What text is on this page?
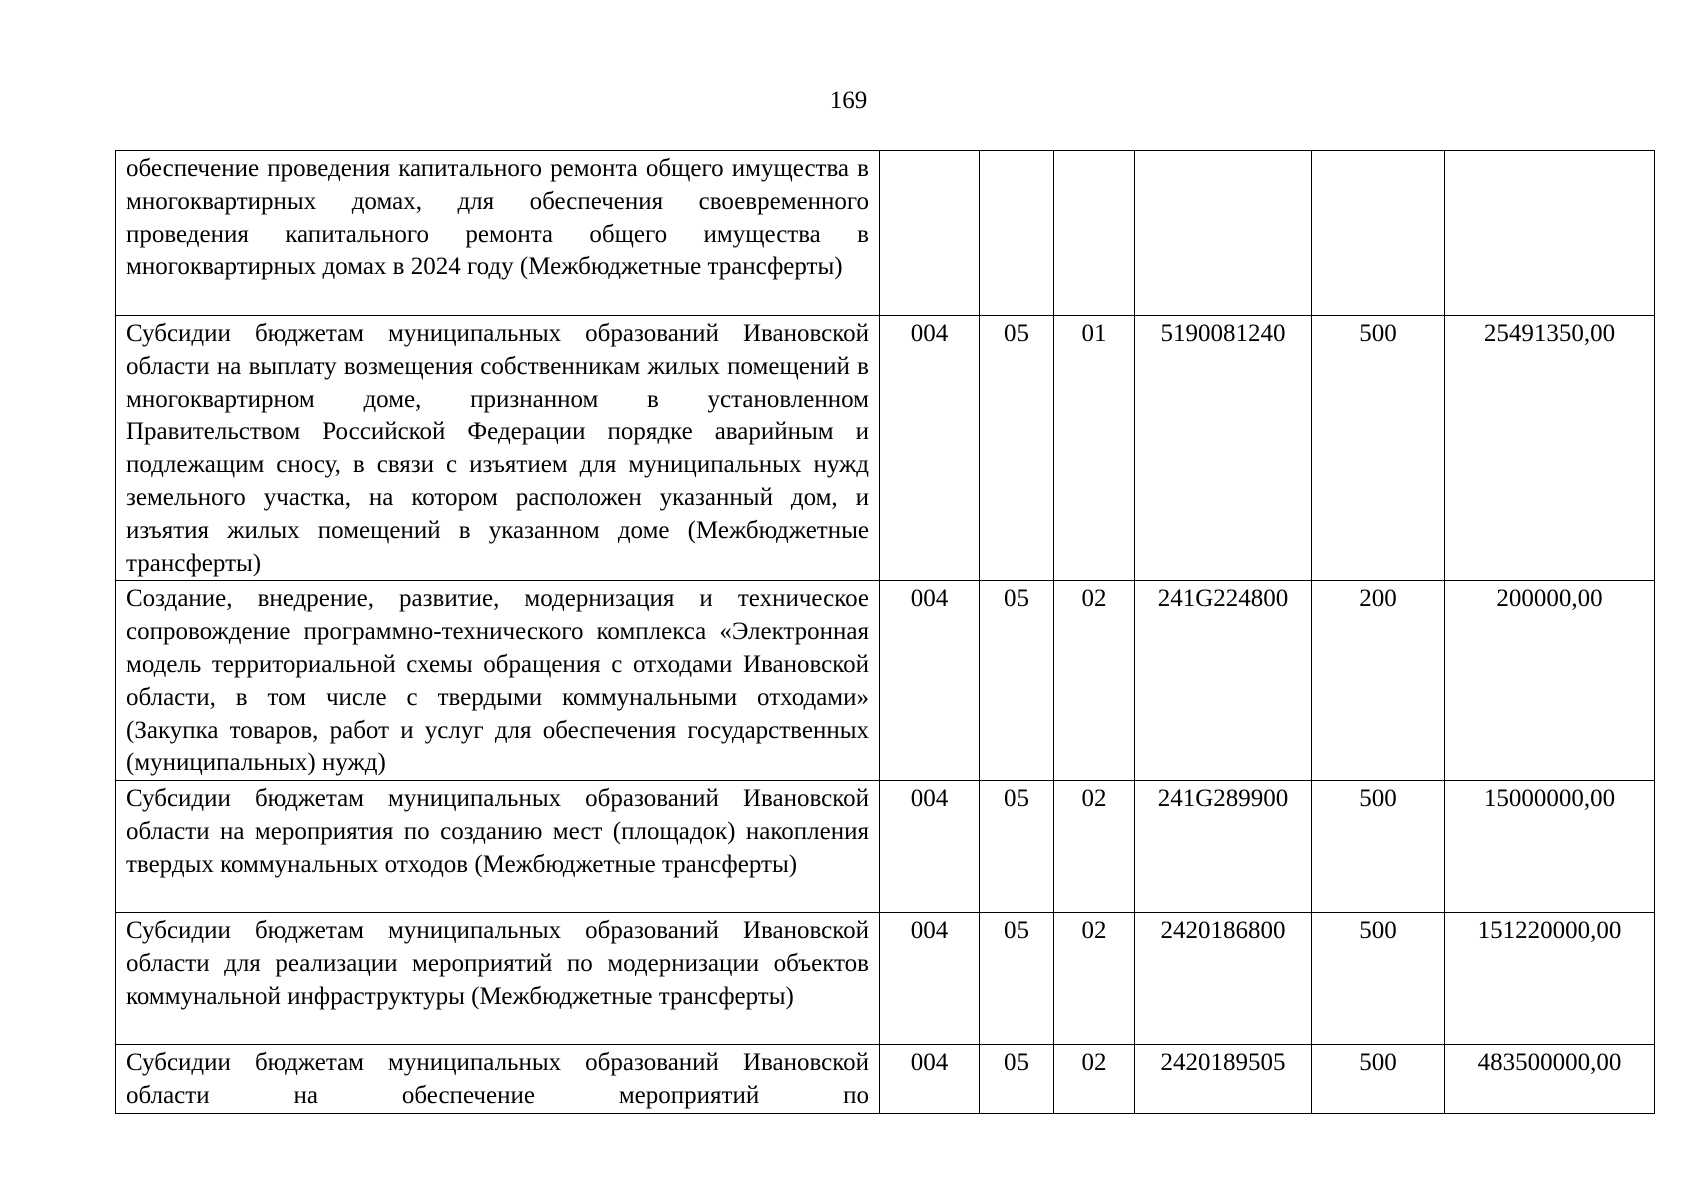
169
обеспечение проведения капитального ремонта общего имущества в многоквартирных домах, для обеспечения своевременного проведения капитального ремонта общего имущества в многоквартирных домах в 2024 году (Межбюджетные трансферты)						
Субсидии бюджетам муниципальных образований Ивановской области на выплату возмещения собственникам жилых помещений в многоквартирном доме, признанном в установленном Правительством Российской Федерации порядке аварийным и подлежащим сносу, в связи с изъятием для муниципальных нужд земельного участка, на котором расположен указанный дом, и изъятия жилых помещений в указанном доме (Межбюджетные трансферты)	004	05	01	5190081240	500	25491350,00
Создание, внедрение, развитие, модернизация и техническое сопровождение программно-технического комплекса «Электронная модель территориальной схемы обращения с отходами Ивановской области, в том числе с твердыми коммунальными отходами» (Закупка товаров, работ и услуг для обеспечения государственных (муниципальных) нужд)	004	05	02	241G224800	200	200000,00
Субсидии бюджетам муниципальных образований Ивановской области на мероприятия по созданию мест (площадок) накопления твердых коммунальных отходов (Межбюджетные трансферты)	004	05	02	241G289900	500	15000000,00
Субсидии бюджетам муниципальных образований Ивановской области для реализации мероприятий по модернизации объектов коммунальной инфраструктуры (Межбюджетные трансферты)	004	05	02	2420186800	500	151220000,00
Субсидии бюджетам муниципальных образований Ивановской области на обеспечение мероприятий по	004	05	02	2420189505	500	483500000,00
